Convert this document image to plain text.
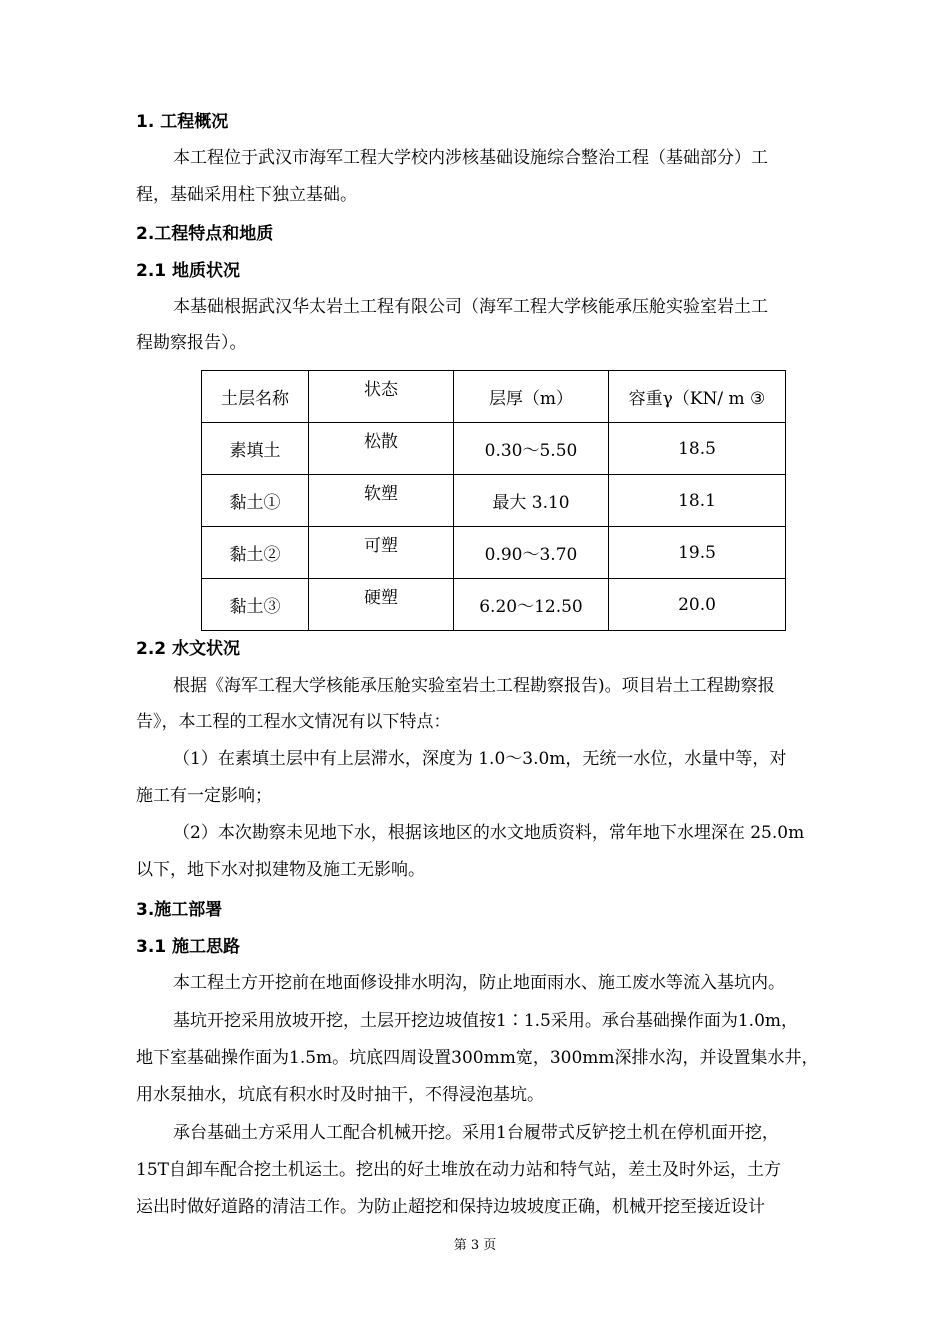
1. 工程概况
本工程位于武汉市海军工程大学校内涉核基础设施综合整治工程（基础部分）工
程，基础采用柱下独立基础。
2.工程特点和地质
2.1 地质状况
本基础根据武汉华太岩土工程有限公司（海军工程大学核能承压舱实验室岩土工
程勘察报告）。
土层名称	状态	层厚（m）	容重γ（KN/ m ③
素填土	松散	0.30～5.50	18.5
黏土①	软塑	最大 3.10	18.1
黏土②	可塑	0.90～3.70	19.5
黏土③	硬塑	6.20～12.50	20.0
2.2 水文状况
根据《海军工程大学核能承压舱实验室岩土工程勘察报告)。项目岩土工程勘察报
告》，本工程的工程水文情况有以下特点：
（1）在素填土层中有上层滞水，深度为 1.0～3.0m，无统一水位，水量中等，对
施工有一定影响；
（2）本次勘察未见地下水，根据该地区的水文地质资料，常年地下水埋深在 25.0m
以下，地下水对拟建物及施工无影响。
3.施工部署
3.1 施工思路
本工程土方开挖前在地面修设排水明沟，防止地面雨水、施工废水等流入基坑内。
基坑开挖采用放坡开挖，土层开挖边坡值按1∶1.5采用。承台基础操作面为1.0m，
地下室基础操作面为1.5m。坑底四周设置300mm宽，300mm深排水沟，并设置集水井，
用水泵抽水，坑底有积水时及时抽干，不得浸泡基坑。
承台基础土方采用人工配合机械开挖。采用1台履带式反铲挖土机在停机面开挖，
15T自卸车配合挖土机运土。挖出的好土堆放在动力站和特气站，差土及时外运，土方
运出时做好道路的清洁工作。为防止超挖和保持边坡坡度正确，机械开挖至接近设计
第 3 页
